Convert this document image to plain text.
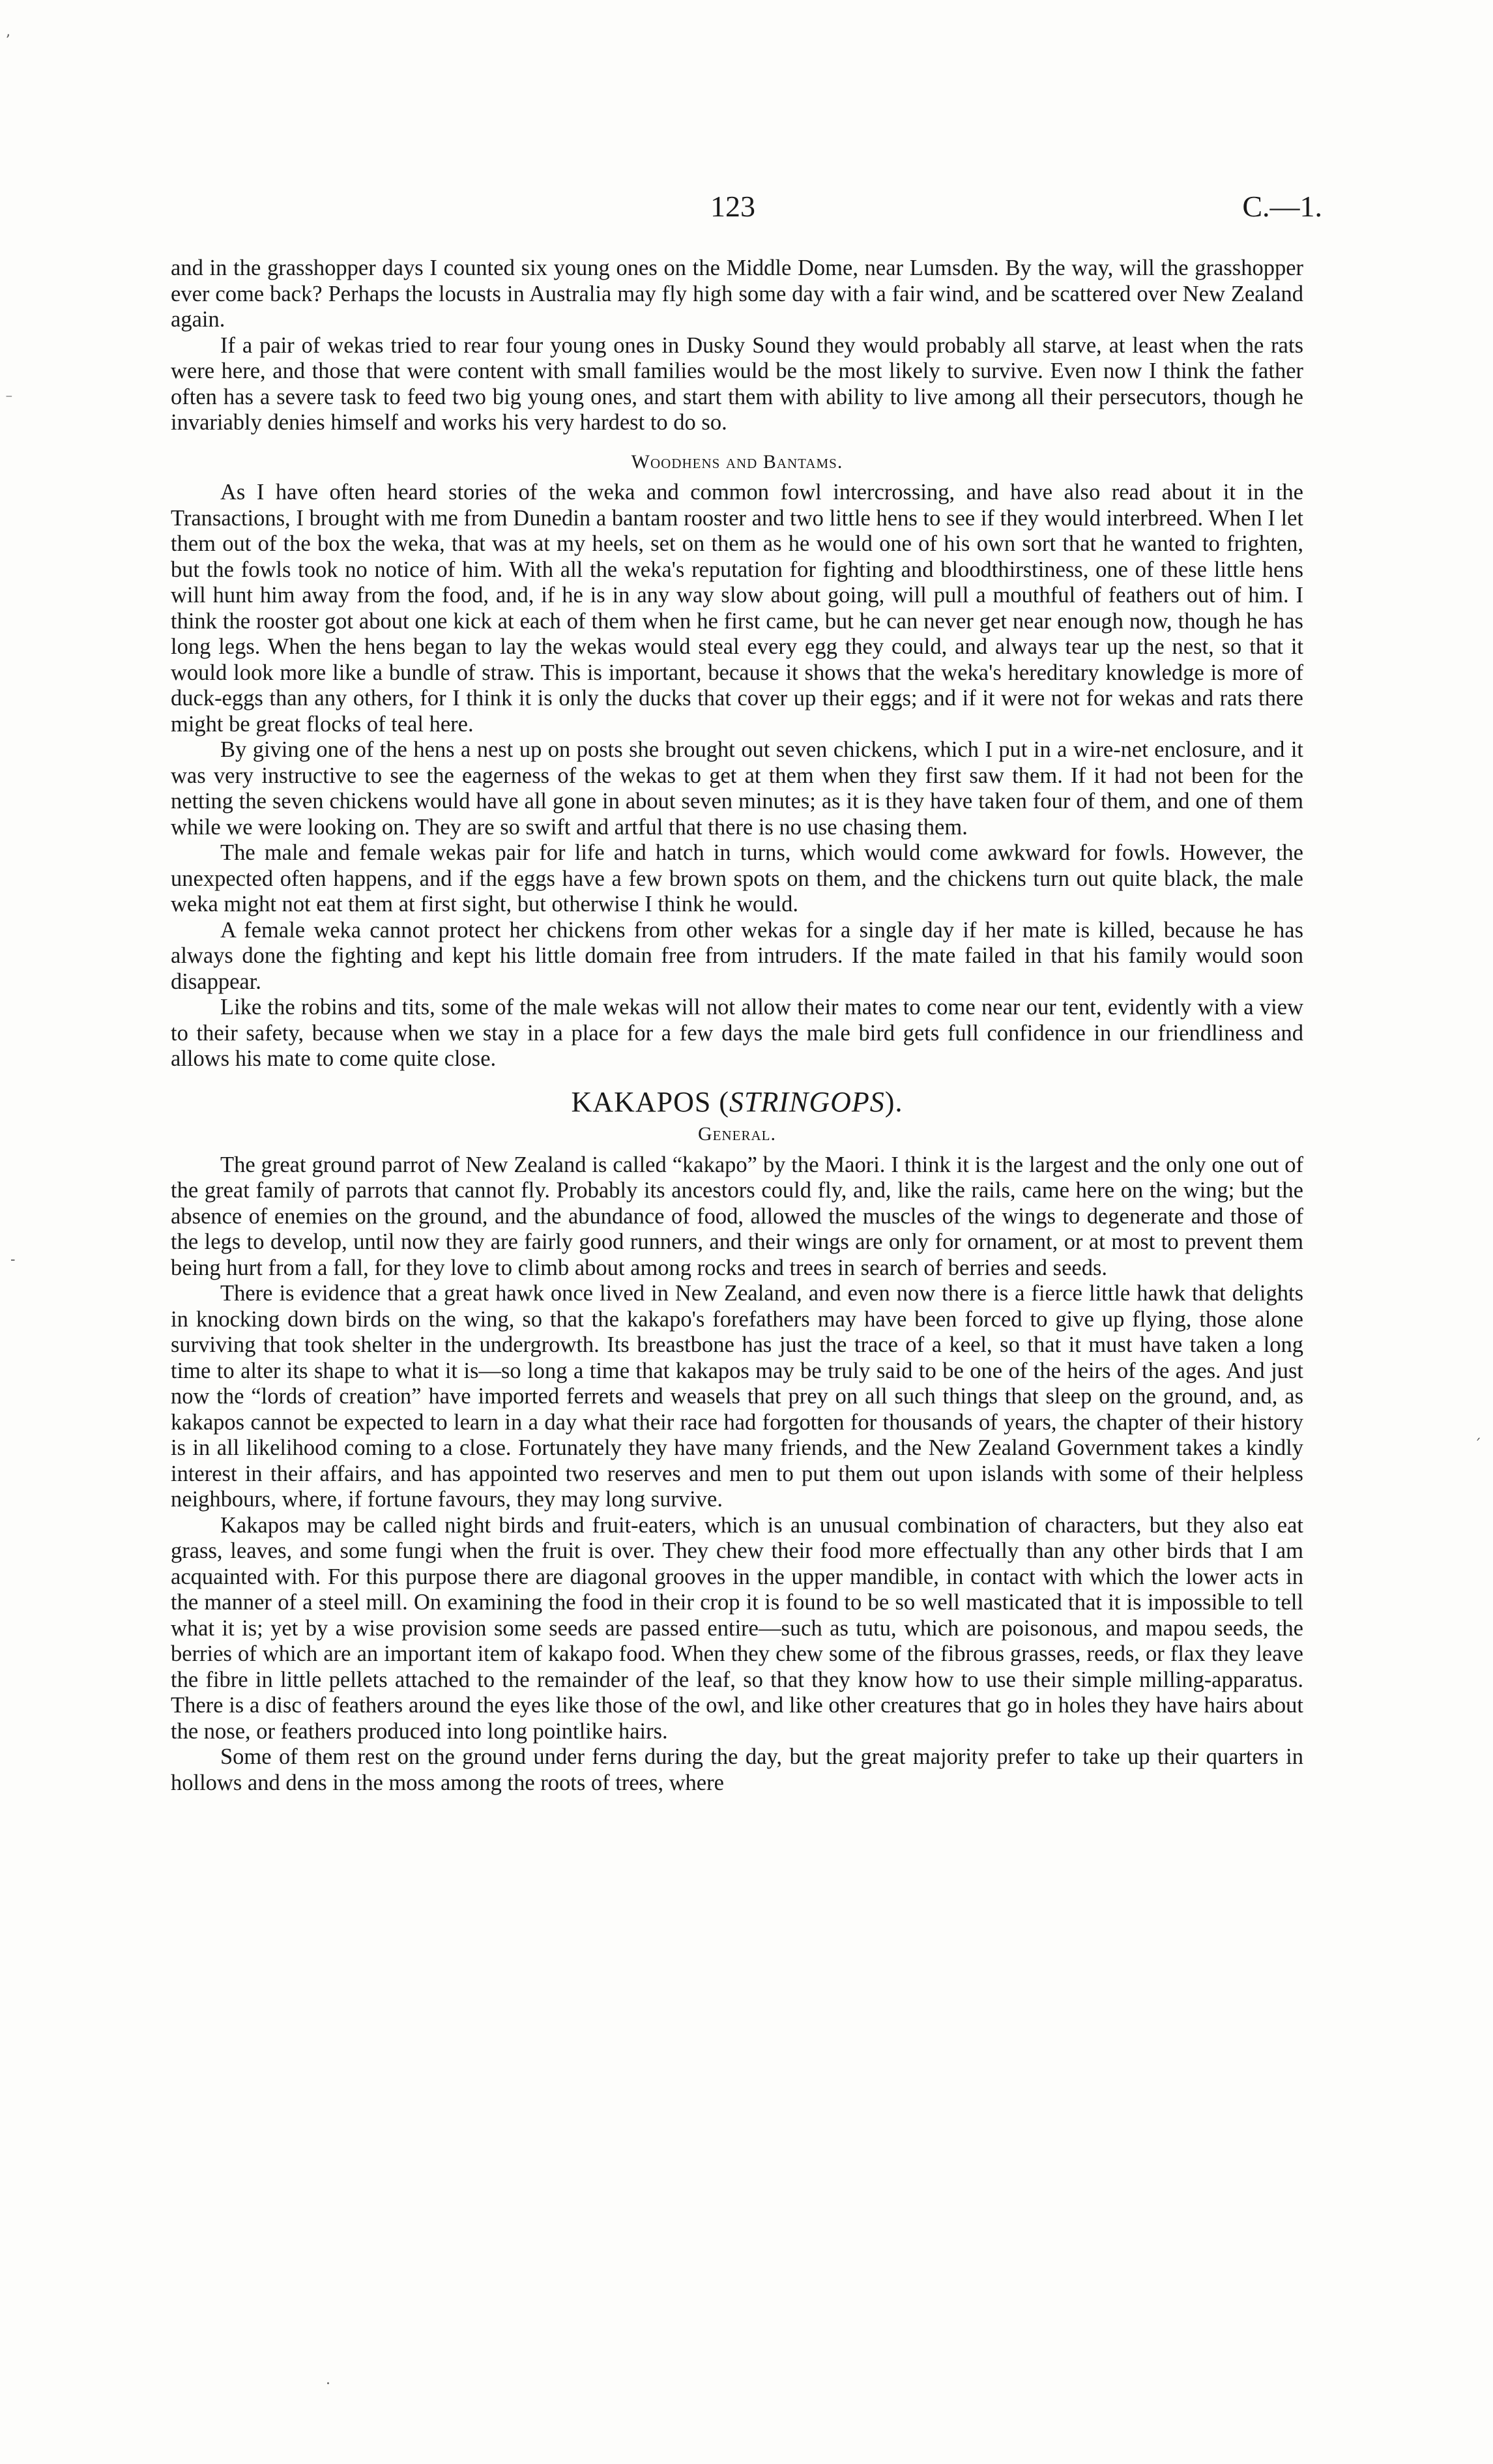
123	C.—1.
ʼ
⁻
-
ˊ
·

and in the grasshopper days I counted six young ones on the Middle Dome, near Lumsden. By the way, will the grasshopper ever come back? Perhaps the locusts in Australia may fly high some day with a fair wind, and be scattered over New Zealand again.

If a pair of wekas tried to rear four young ones in Dusky Sound they would probably all starve, at least when the rats were here, and those that were content with small families would be the most likely to survive. Even now I think the father often has a severe task to feed two big young ones, and start them with ability to live among all their persecutors, though he invariably denies himself and works his very hardest to do so.

Woodhens and Bantams.

As I have often heard stories of the weka and common fowl intercrossing, and have also read about it in the Transactions, I brought with me from Dunedin a bantam rooster and two little hens to see if they would interbreed. When I let them out of the box the weka, that was at my heels, set on them as he would one of his own sort that he wanted to frighten, but the fowls took no notice of him. With all the weka's reputation for fighting and bloodthirstiness, one of these little hens will hunt him away from the food, and, if he is in any way slow about going, will pull a mouthful of feathers out of him. I think the rooster got about one kick at each of them when he first came, but he can never get near enough now, though he has long legs. When the hens began to lay the wekas would steal every egg they could, and always tear up the nest, so that it would look more like a bundle of straw. This is important, because it shows that the weka's hereditary knowledge is more of duck-eggs than any others, for I think it is only the ducks that cover up their eggs; and if it were not for wekas and rats there might be great flocks of teal here.

By giving one of the hens a nest up on posts she brought out seven chickens, which I put in a wire-net enclosure, and it was very instructive to see the eagerness of the wekas to get at them when they first saw them. If it had not been for the netting the seven chickens would have all gone in about seven minutes; as it is they have taken four of them, and one of them while we were looking on. They are so swift and artful that there is no use chasing them.

The male and female wekas pair for life and hatch in turns, which would come awkward for fowls. However, the unexpected often happens, and if the eggs have a few brown spots on them, and the chickens turn out quite black, the male weka might not eat them at first sight, but otherwise I think he would.

A female weka cannot protect her chickens from other wekas for a single day if her mate is killed, because he has always done the fighting and kept his little domain free from intruders. If the mate failed in that his family would soon disappear.

Like the robins and tits, some of the male wekas will not allow their mates to come near our tent, evidently with a view to their safety, because when we stay in a place for a few days the male bird gets full confidence in our friendliness and allows his mate to come quite close.

KAKAPOS (STRINGOPS).
General.

The great ground parrot of New Zealand is called “kakapo” by the Maori. I think it is the largest and the only one out of the great family of parrots that cannot fly. Probably its ancestors could fly, and, like the rails, came here on the wing; but the absence of enemies on the ground, and the abundance of food, allowed the muscles of the wings to degenerate and those of the legs to develop, until now they are fairly good runners, and their wings are only for ornament, or at most to prevent them being hurt from a fall, for they love to climb about among rocks and trees in search of berries and seeds.

There is evidence that a great hawk once lived in New Zealand, and even now there is a fierce little hawk that delights in knocking down birds on the wing, so that the kakapo's forefathers may have been forced to give up flying, those alone surviving that took shelter in the undergrowth. Its breastbone has just the trace of a keel, so that it must have taken a long time to alter its shape to what it is—so long a time that kakapos may be truly said to be one of the heirs of the ages. And just now the “lords of creation” have imported ferrets and weasels that prey on all such things that sleep on the ground, and, as kakapos cannot be expected to learn in a day what their race had forgotten for thousands of years, the chapter of their history is in all likelihood coming to a close. Fortunately they have many friends, and the New Zealand Government takes a kindly interest in their affairs, and has appointed two reserves and men to put them out upon islands with some of their helpless neighbours, where, if fortune favours, they may long survive.

Kakapos may be called night birds and fruit-eaters, which is an unusual combination of characters, but they also eat grass, leaves, and some fungi when the fruit is over. They chew their food more effectually than any other birds that I am acquainted with. For this purpose there are diagonal grooves in the upper mandible, in contact with which the lower acts in the manner of a steel mill. On examining the food in their crop it is found to be so well masticated that it is impossible to tell what it is; yet by a wise provision some seeds are passed entire—such as tutu, which are poisonous, and mapou seeds, the berries of which are an important item of kakapo food. When they chew some of the fibrous grasses, reeds, or flax they leave the fibre in little pellets attached to the remainder of the leaf, so that they know how to use their simple milling-apparatus. There is a disc of feathers around the eyes like those of the owl, and like other creatures that go in holes they have hairs about the nose, or feathers produced into long pointlike hairs.

Some of them rest on the ground under ferns during the day, but the great majority prefer to take up their quarters in hollows and dens in the moss among the roots of trees, where
